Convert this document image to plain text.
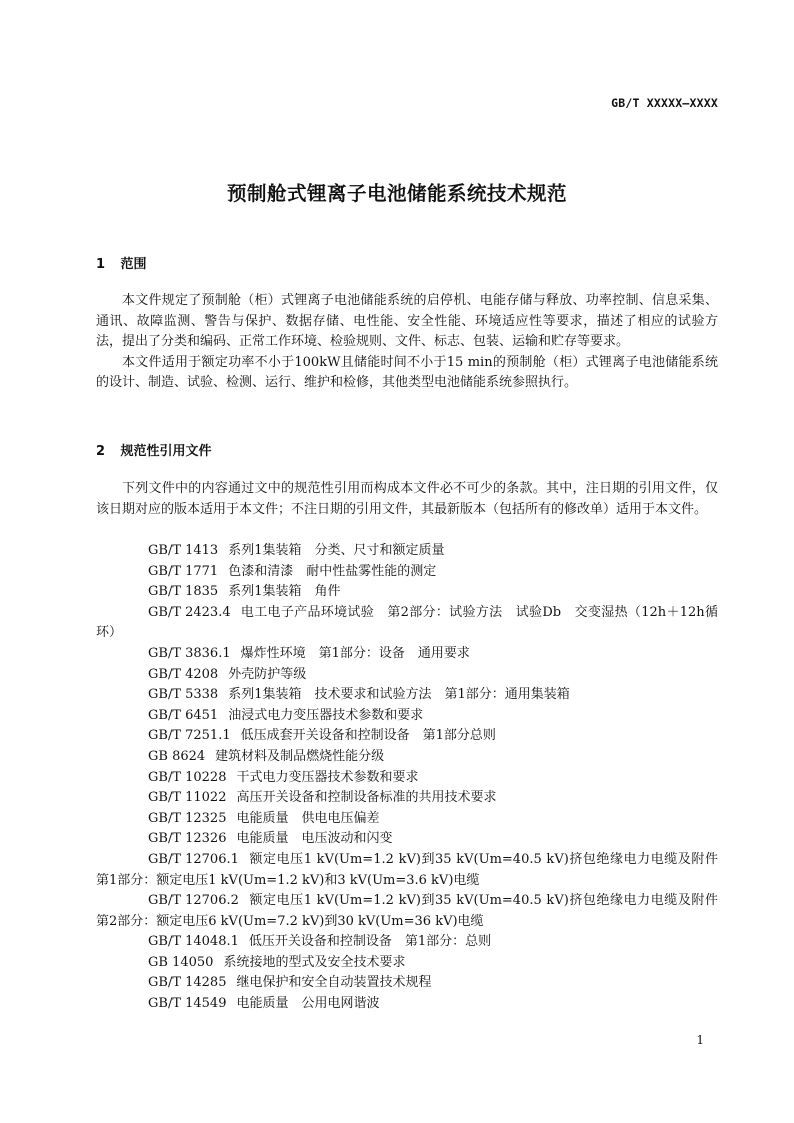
GB/T XXXXX—XXXX
预制舱式锂离子电池储能系统技术规范
1 范围

本文件规定了预制舱（柜）式锂离子电池储能系统的启停机、电能存储与释放、功率控制、信息采集、通讯、故障监测、警告与保护、数据存储、电性能、安全性能、环境适应性等要求，描述了相应的试验方法，提出了分类和编码、正常工作环境、检验规则、文件、标志、包装、运输和贮存等要求。

本文件适用于额定功率不小于100kW且储能时间不小于15 min的预制舱（柜）式锂离子电池储能系统的设计、制造、试验、检测、运行、维护和检修，其他类型电池储能系统参照执行。

2 规范性引用文件

下列文件中的内容通过文中的规范性引用而构成本文件必不可少的条款。其中，注日期的引用文件，仅该日期对应的版本适用于本文件；不注日期的引用文件，其最新版本（包括所有的修改单）适用于本文件。

GB/T 1413 系列1集装箱　分类、尺寸和额定质量
GB/T 1771 色漆和清漆　耐中性盐雾性能的测定
GB/T 1835 系列1集装箱　角件
GB/T 2423.4 电工电子产品环境试验　第2部分：试验方法　试验Db　交变湿热（12h＋12h循环）
GB/T 3836.1 爆炸性环境　第1部分：设备　通用要求
GB/T 4208 外壳防护等级
GB/T 5338 系列1集装箱　技术要求和试验方法　第1部分：通用集装箱
GB/T 6451 油浸式电力变压器技术参数和要求
GB/T 7251.1 低压成套开关设备和控制设备　第1部分总则
GB 8624 建筑材料及制品燃烧性能分级
GB/T 10228 干式电力变压器技术参数和要求
GB/T 11022 高压开关设备和控制设备标准的共用技术要求
GB/T 12325 电能质量　供电电压偏差
GB/T 12326 电能质量　电压波动和闪变
GB/T 12706.1 额定电压1 kV(Um=1.2 kV)到35 kV(Um=40.5 kV)挤包绝缘电力电缆及附件　第1部分：额定电压1 kV(Um=1.2 kV)和3 kV(Um=3.6 kV)电缆
GB/T 12706.2 额定电压1 kV(Um=1.2 kV)到35 kV(Um=40.5 kV)挤包绝缘电力电缆及附件　第2部分：额定电压6 kV(Um=7.2 kV)到30 kV(Um=36 kV)电缆
GB/T 14048.1 低压开关设备和控制设备　第1部分：总则
GB 14050 系统接地的型式及安全技术要求
GB/T 14285 继电保护和安全自动装置技术规程
GB/T 14549 电能质量　公用电网谐波
1
